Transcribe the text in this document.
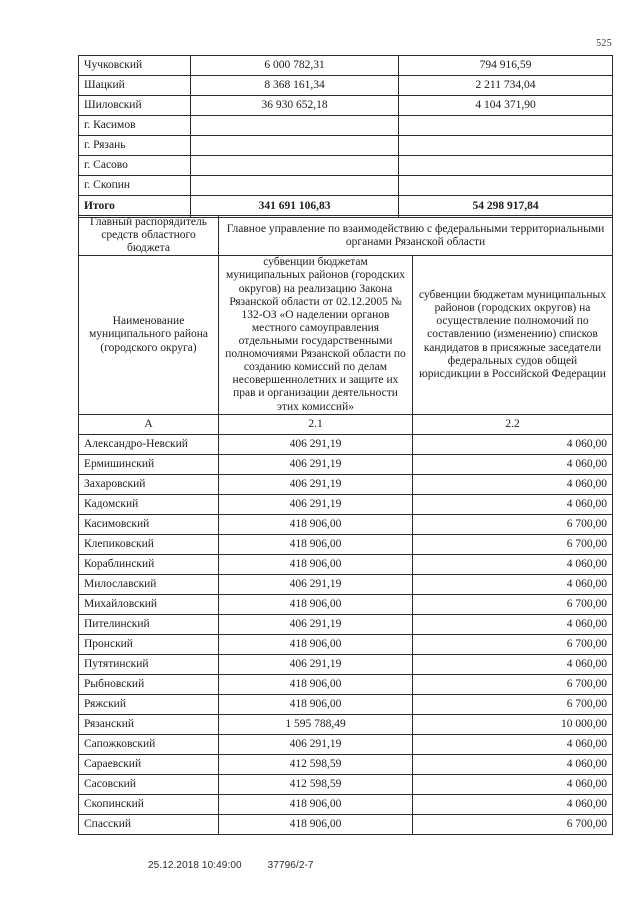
525
Чучковский	6 000 782,31	794 916,59
Шацкий	8 368 161,34	2 211 734,04
Шиловский	36 930 652,18	4 104 371,90
г. Касимов		
г. Рязань		
г. Сасово		
г. Скопин		
Итого	341 691 106,83	54 298 917,84
Главный распорядитель средств областного бюджета	Главное управление по взаимодействию с федеральными территориальными органами Рязанской области	
Наименование муниципального района (городского округа)	субвенции бюджетам муниципальных районов (городских округов) на реализацию Закона Рязанской области от 02.12.2005 № 132-ОЗ «О наделении органов местного самоуправления отдельными государственными полномочиями Рязанской области по созданию комиссий по делам несовершеннолетних и защите их прав и организации деятельности этих комиссий»	субвенции бюджетам муниципальных районов (городских округов) на осуществление полномочий по составлению (изменению) списков кандидатов в присяжные заседатели федеральных судов общей юрисдикции в Российской Федерации
А	2.1	2.2
Александро-Невский	406 291,19	4 060,00
Ермишинский	406 291,19	4 060,00
Захаровский	406 291,19	4 060,00
Кадомский	406 291,19	4 060,00
Касимовский	418 906,00	6 700,00
Клепиковский	418 906,00	6 700,00
Кораблинский	418 906,00	4 060,00
Милославский	406 291,19	4 060,00
Михайловский	418 906,00	6 700,00
Пителинский	406 291,19	4 060,00
Пронский	418 906,00	6 700,00
Путятинский	406 291,19	4 060,00
Рыбновский	418 906,00	6 700,00
Ряжский	418 906,00	6 700,00
Рязанский	1 595 788,49	10 000,00
Сапожковский	406 291,19	4 060,00
Сараевский	412 598,59	4 060,00
Сасовский	412 598,59	4 060,00
Скопинский	418 906,00	4 060,00
Спасский	418 906,00	6 700,00
25.12.2018 10:49:00	37796/2-7
